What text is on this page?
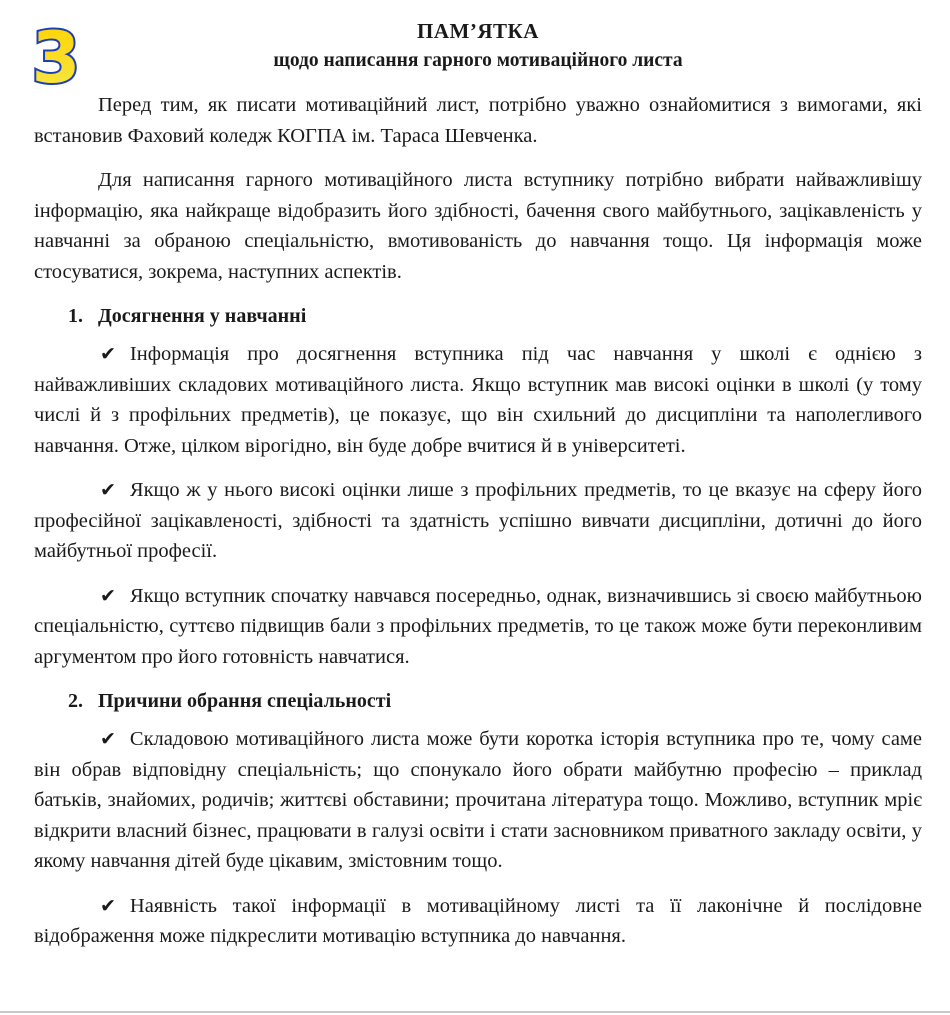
3	ПАМ’ЯТКА
щодо написання гарного мотиваційного листа

Перед тим, як писати мотиваційний лист, потрібно уважно ознайомитися з вимогами, які встановив Фаховий коледж КОГПА ім. Тараса Шевченка.

Для написання гарного мотиваційного листа вступнику потрібно вибрати найважливішу інформацію, яка найкраще відобразить його здібності, бачення свого майбутнього, зацікавленість у навчанні за обраною спеціальністю, вмотивованість до навчання тощо. Ця інформація може стосуватися, зокрема, наступних аспектів.

1. Досягнення у навчанні

✔ Інформація про досягнення вступника під час навчання у школі є однією з найважливіших складових мотиваційного листа. Якщо вступник мав високі оцінки в школі (у тому числі й з профільних предметів), це показує, що він схильний до дисципліни та наполегливого навчання. Отже, цілком вірогідно, він буде добре вчитися й в університеті.

✔ Якщо ж у нього високі оцінки лише з профільних предметів, то це вказує на сферу його професійної зацікавленості, здібності та здатність успішно вивчати дисципліни, дотичні до його майбутньої професії.

✔ Якщо вступник спочатку навчався посередньо, однак, визначившись зі своєю майбутньою спеціальністю, суттєво підвищив бали з профільних предметів, то це також може бути переконливим аргументом про його готовність навчатися.

2. Причини обрання спеціальності

✔ Складовою мотиваційного листа може бути коротка історія вступника про те, чому саме він обрав відповідну спеціальність; що спонукало його обрати майбутню професію – приклад батьків, знайомих, родичів; життєві обставини; прочитана література тощо. Можливо, вступник мріє відкрити власний бізнес, працювати в галузі освіти і стати засновником приватного закладу освіти, у якому навчання дітей буде цікавим, змістовним тощо.

✔ Наявність такої інформації в мотиваційному листі та її лаконічне й послідовне відображення може підкреслити мотивацію вступника до навчання.
